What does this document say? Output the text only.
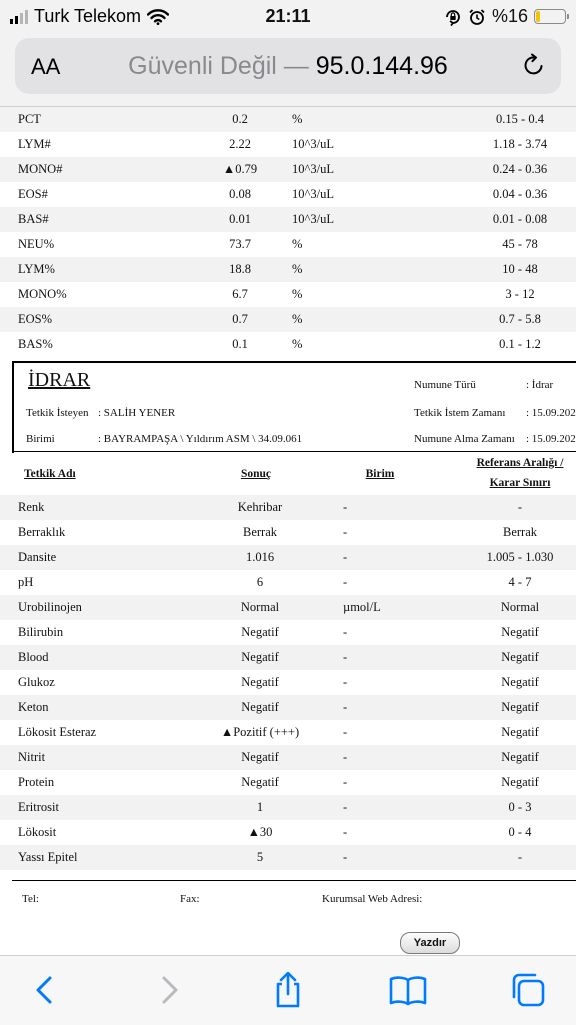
Turk Telekom	21:11	%16
AA	Güvenli Değil — 95.0.144.96
PCT	0.2	%	0.15 - 0.4
LYM#	2.22	10^3/uL	1.18 - 3.74
MONO#	▲0.79	10^3/uL	0.24 - 0.36
EOS#	0.08	10^3/uL	0.04 - 0.36
BAS#	0.01	10^3/uL	0.01 - 0.08
NEU%	73.7	%	45 - 78
LYM%	18.8	%	10 - 48
MONO%	6.7	%	3 - 12
EOS%	0.7	%	0.7 - 5.8
BAS%	0.1	%	0.1 - 1.2
İDRAR
Tetkik İsteyen : SALİH YENER
Birimi	: BAYRAMPAŞA \ Yıldırım ASM \ 34.09.061
Numune Türü	: İdrar
Tetkik İstem Zamanı : 15.09.202
Numune Alma Zamanı : 15.09.202
Tetkik Adı	Sonuç	Birim
Referans Aralığı /
Karar Sınırı
Renk	Kehribar	-	-
Berraklık	Berrak	-	Berrak
Dansite	1.016	-	1.005 - 1.030
pH	6	-	4 - 7
Urobilinojen	Normal	µmol/L	Normal
Bilirubin	Negatif	-	Negatif
Blood	Negatif	-	Negatif
Glukoz	Negatif	-	Negatif
Keton	Negatif	-	Negatif
Lökosit Esteraz	▲Pozitif (+++)	-	Negatif
Nitrit	Negatif	-	Negatif
Protein	Negatif	-	Negatif
Eritrosit	1	-	0 - 3
Lökosit	▲30	-	0 - 4
Yassı Epitel	5	-	-
Tel:	Fax:	Kurumsal Web Adresi:
Yazdır
